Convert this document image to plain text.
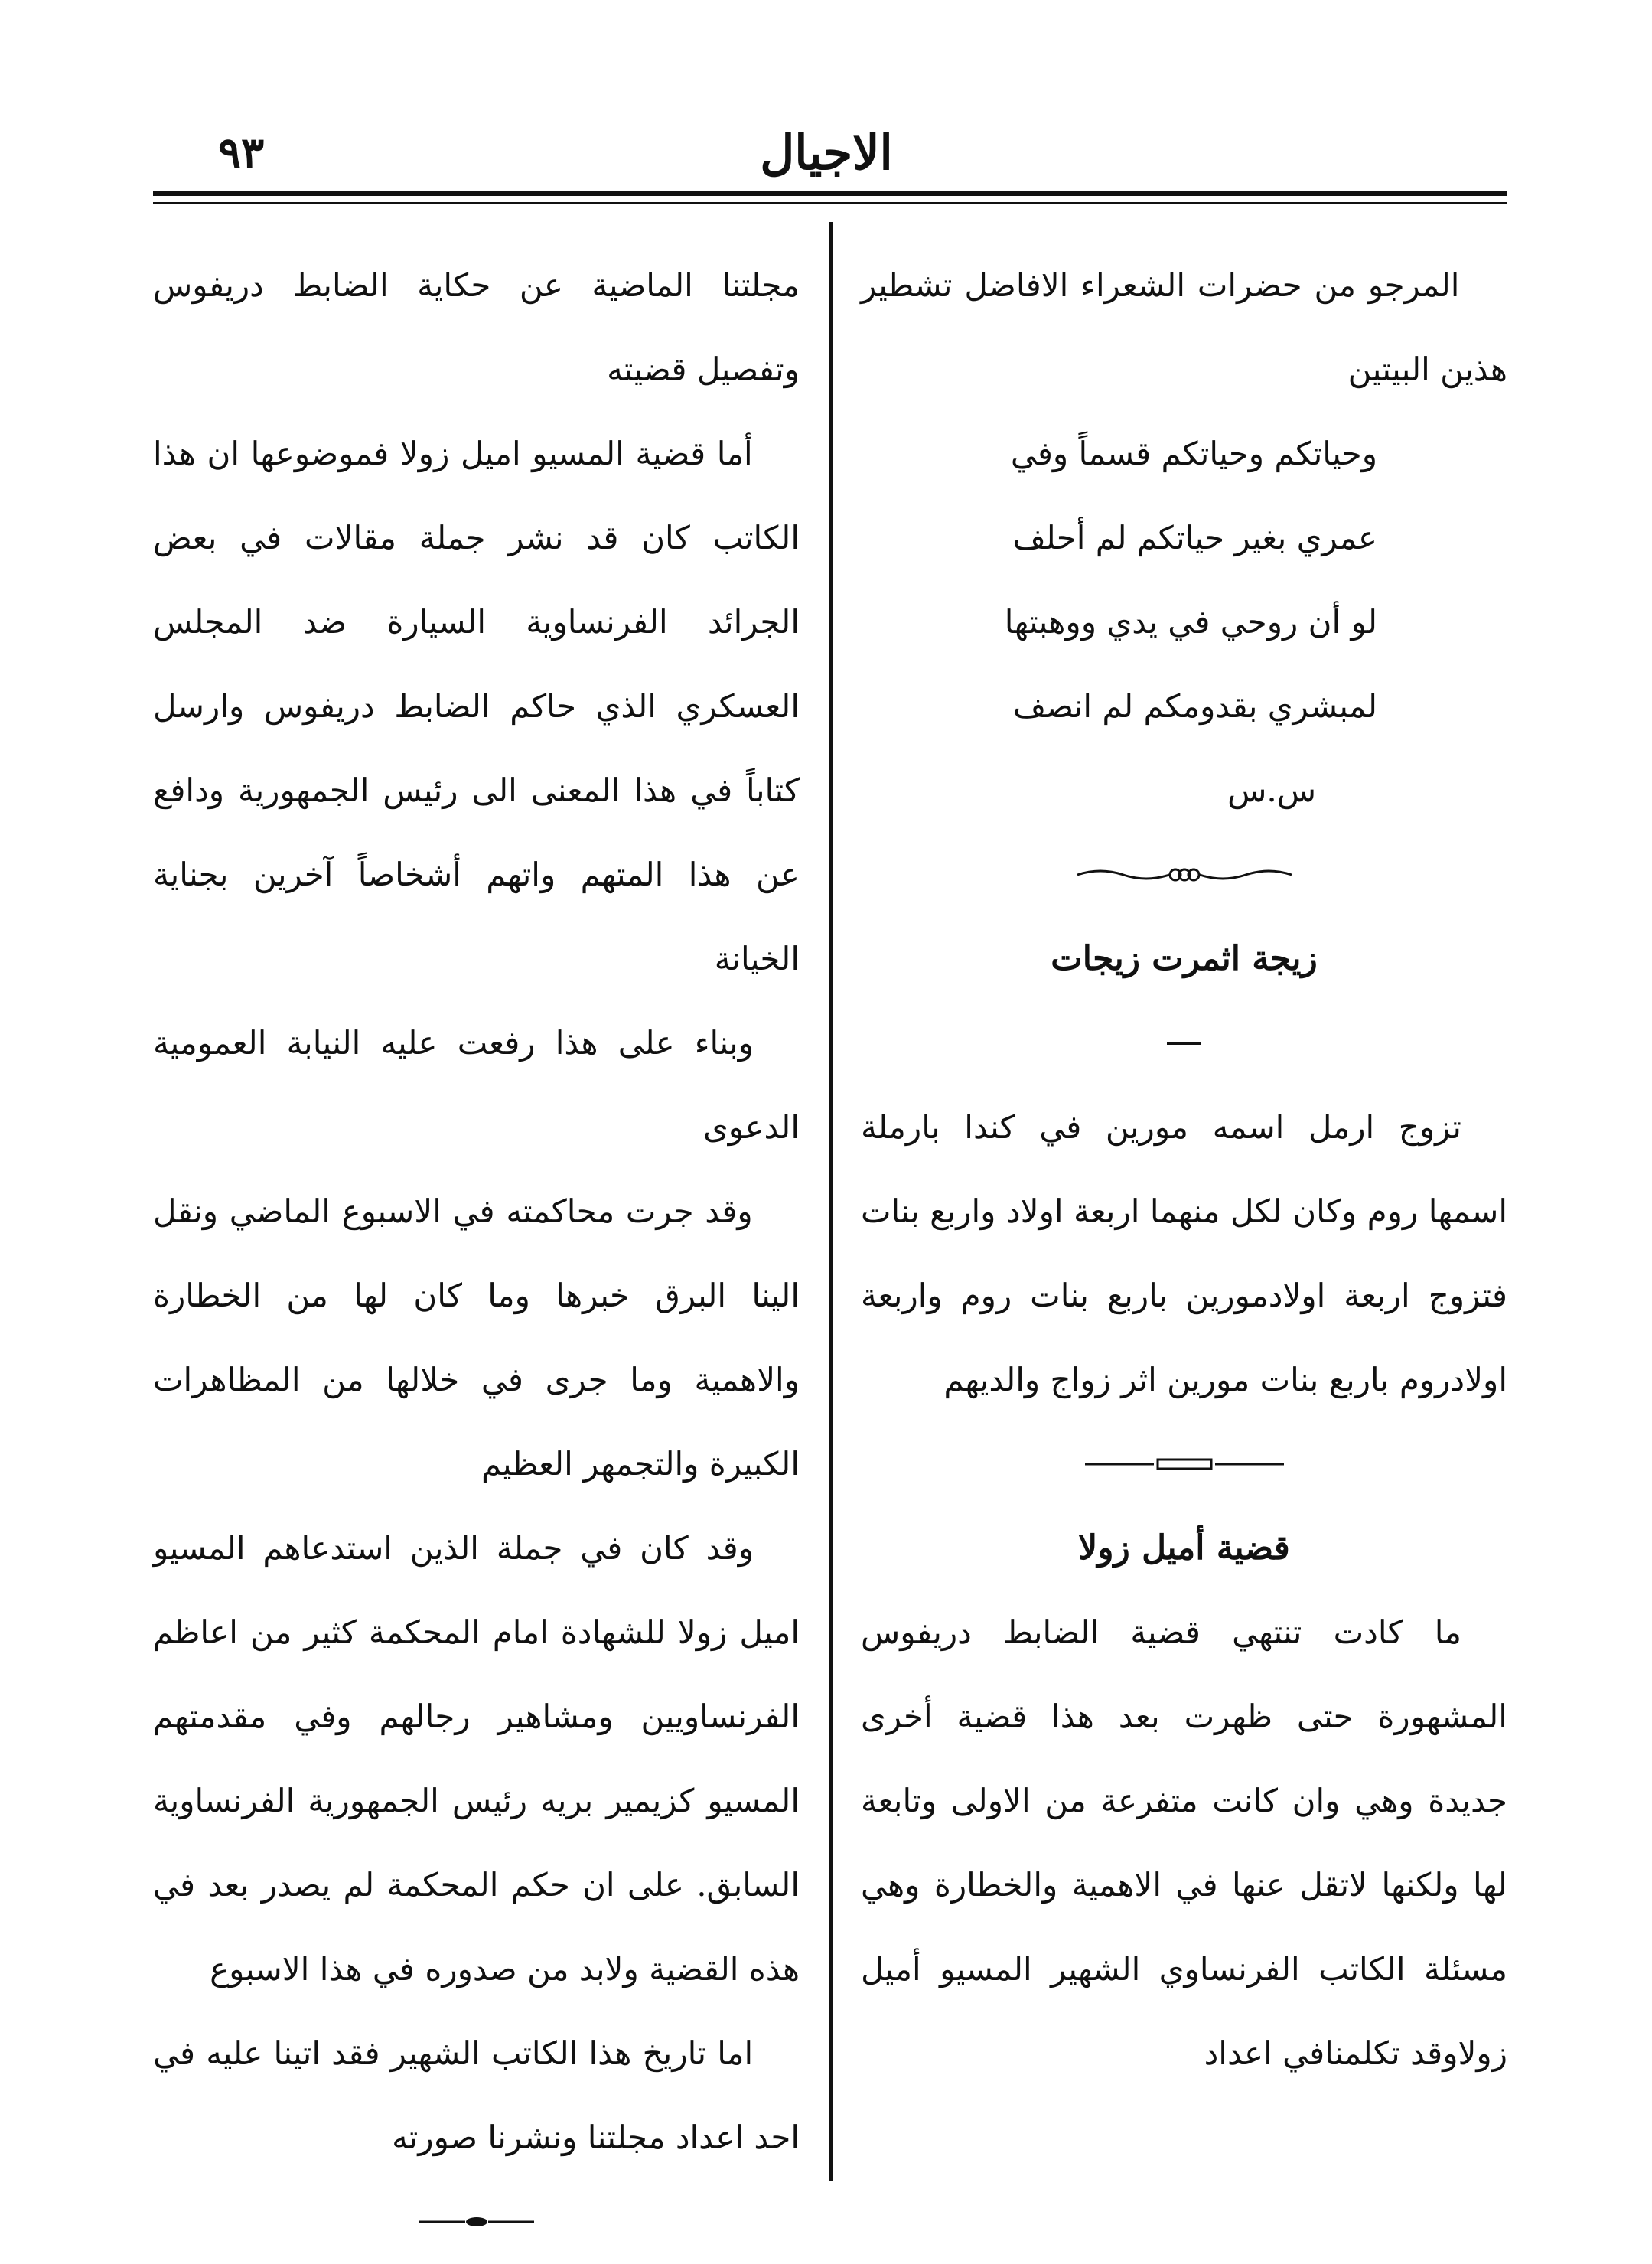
الاجيال
٩٣

المرجو من حضرات الشعراء الافاضل تشطير هذين البيتين

وحياتكم وحياتكم قسماً وفي

عمري بغير حياتكم لم أحلف

لو أن روحي في يدي ووهبتها

لمبشري بقدومكم لم انصف

س.س

زيجة اثمرت زيجات

تزوج ارمل اسمه مورين في كندا بارملة اسمها روم وكان لكل منهما اربعة اولاد واربع بنات فتزوج اربعة اولادمورين باربع بنات روم واربعة اولادروم باربع بنات مورين اثر زواج والديهم

قضية أميل زولا

ما كادت تنتهي قضية الضابط دريفوس المشهورة حتى ظهرت بعد هذا قضية أخرى جديدة وهي وان كانت متفرعة من الاولى وتابعة لها ولكنها لاتقل عنها في الاهمية والخطارة وهي مسئلة الكاتب الفرنساوي الشهير المسيو أميل زولاوقد تكلمنافي اعداد

مجلتنا الماضية عن حكاية الضابط دريفوس وتفصيل قضيته

أما قضية المسيو اميل زولا فموضوعها ان هذا الكاتب كان قد نشر جملة مقالات في بعض الجرائد الفرنساوية السيارة ضد المجلس العسكري الذي حاكم الضابط دريفوس وارسل كتاباً في هذا المعنى الى رئيس الجمهورية ودافع عن هذا المتهم واتهم أشخاصاً آخرين بجناية الخيانة

وبناء على هذا رفعت عليه النيابة العمومية الدعوى

وقد جرت محاكمته في الاسبوع الماضي ونقل الينا البرق خبرها وما كان لها من الخطارة والاهمية وما جرى في خلالها من المظاهرات الكبيرة والتجمهر العظيم

وقد كان في جملة الذين استدعاهم المسيو اميل زولا للشهادة امام المحكمة كثير من اعاظم الفرنساويين ومشاهير رجالهم وفي مقدمتهم المسيو كزيمير بريه رئيس الجمهورية الفرنساوية السابق. على ان حكم المحكمة لم يصدر بعد في هذه القضية ولابد من صدوره في هذا الاسبوع

اما تاريخ هذا الكاتب الشهير فقد اتينا عليه في احد اعداد مجلتنا ونشرنا صورته
